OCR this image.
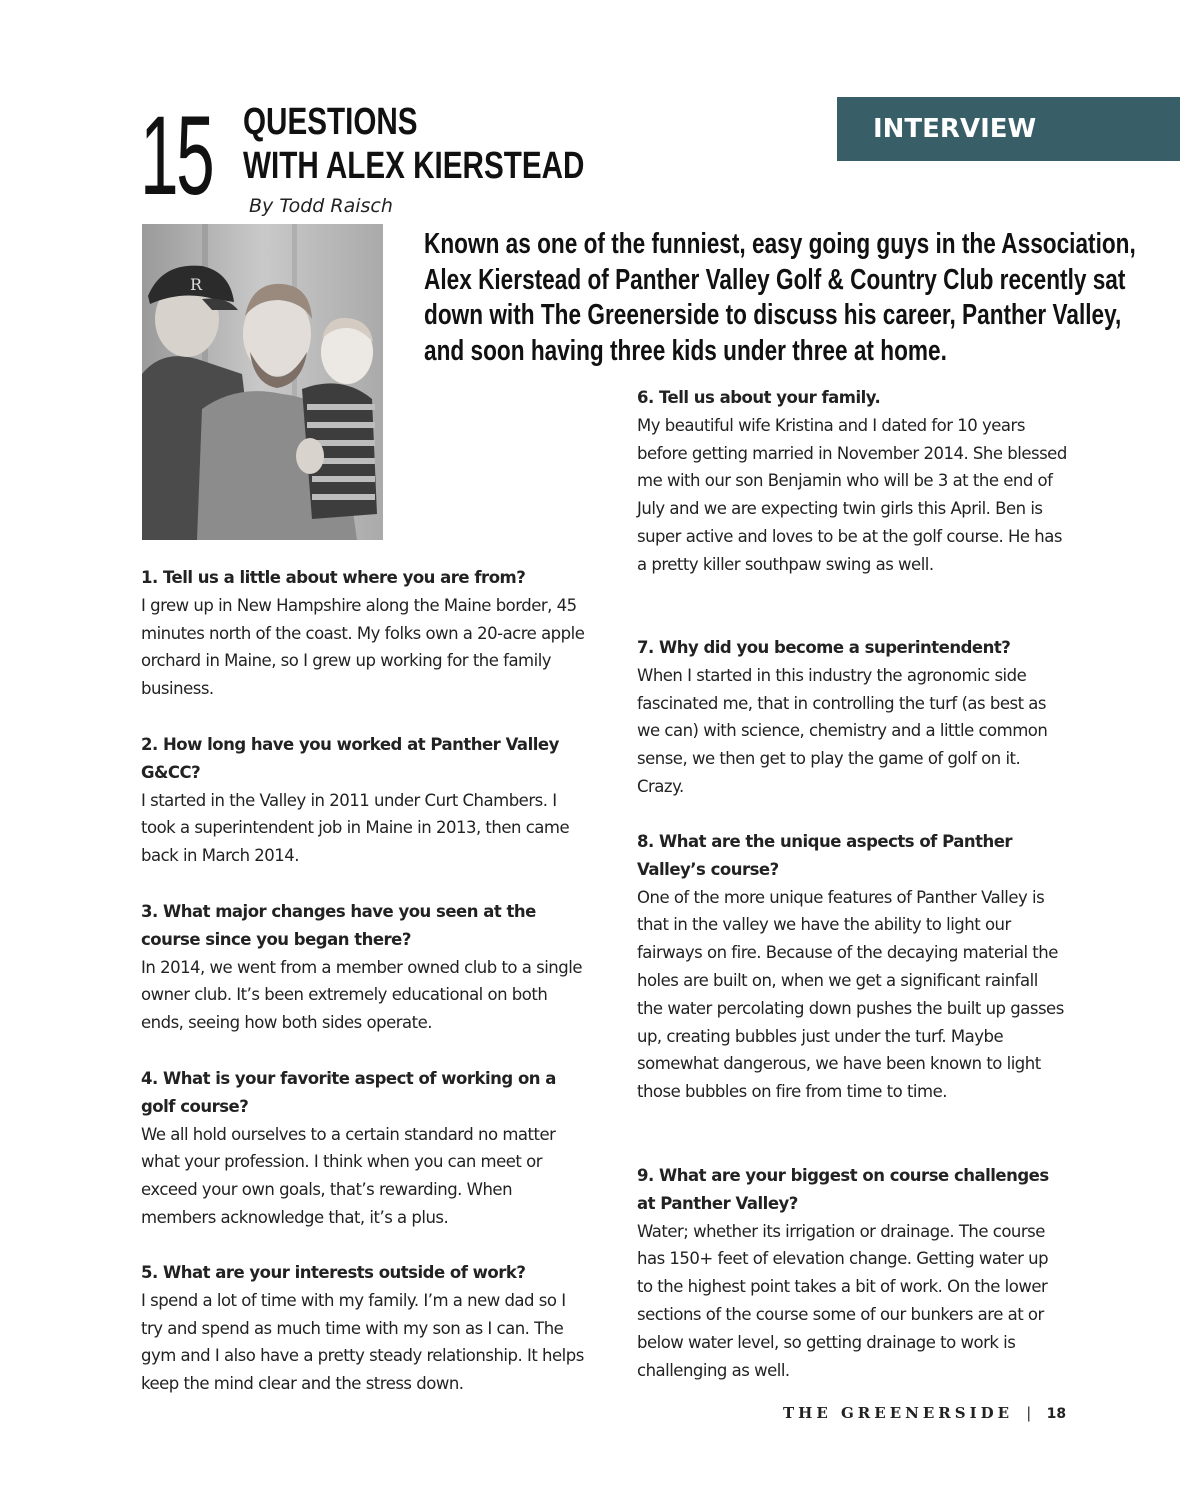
15 QUESTIONS
WITH ALEX KIERSTEAD
By Todd Raisch
INTERVIEW
R
Known as one of the funniest, easy going guys in the Association,
Alex Kierstead of Panther Valley Golf & Country Club recently sat
down with The Greenerside to discuss his career, Panther Valley,
and soon having three kids under three at home.
1. Tell us a little about where you are from?
I grew up in New Hampshire along the Maine border, 45 minutes north of the coast. My folks own a 20-acre apple orchard in Maine, so I grew up working for the family business.
2. How long have you worked at Panther Valley G&CC?
I started in the Valley in 2011 under Curt Chambers. I took a superintendent job in Maine in 2013, then came back in March 2014.
3. What major changes have you seen at the course since you began there?
In 2014, we went from a member owned club to a single owner club. It’s been extremely educational on both ends, seeing how both sides operate.
4. What is your favorite aspect of working on a golf course?
We all hold ourselves to a certain standard no matter what your profession. I think when you can meet or exceed your own goals, that’s rewarding. When members acknowledge that, it’s a plus.
5. What are your interests outside of work?
I spend a lot of time with my family. I’m a new dad so I try and spend as much time with my son as I can. The gym and I also have a pretty steady relationship. It helps keep the mind clear and the stress down.
6. Tell us about your family.
My beautiful wife Kristina and I dated for 10 years before getting married in November 2014. She blessed me with our son Benjamin who will be 3 at the end of July and we are expecting twin girls this April. Ben is super active and loves to be at the golf course. He has a pretty killer southpaw swing as well.
7. Why did you become a superintendent?
When I started in this industry the agronomic side fascinated me, that in controlling the turf (as best as we can) with science, chemistry and a little common sense, we then get to play the game of golf on it. Crazy.
8. What are the unique aspects of Panther Valley’s course?
One of the more unique features of Panther Valley is that in the valley we have the ability to light our fairways on fire. Because of the decaying material the holes are built on, when we get a significant rainfall the water percolating down pushes the built up gasses up, creating bubbles just under the turf. Maybe somewhat dangerous, we have been known to light those bubbles on fire from time to time.
9. What are your biggest on course challenges at Panther Valley?
Water; whether its irrigation or drainage. The course has 150+ feet of elevation change. Getting water up to the highest point takes a bit of work. On the lower sections of the course some of our bunkers are at or below water level, so getting drainage to work is challenging as well.
THE GREENERSIDE | 18
